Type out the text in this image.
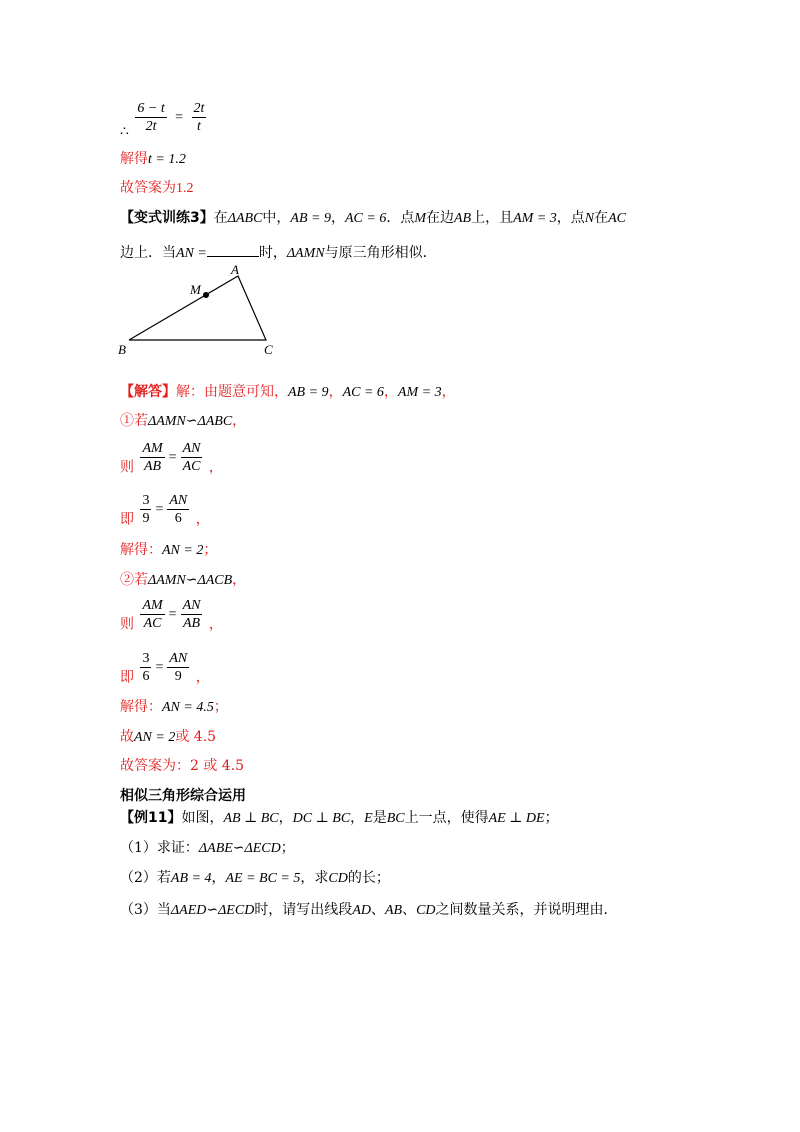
∴ $\frac{6 - t}{2t} = \frac{2t}{t}$
解得t = 1.2
故答案为1.2
【变式训练3】在ΔABC中，AB = 9，AC = 6．点M在边AB上，且AM = 3，点N在AC
边上．当AN =	时，ΔAMN与原三角形相似．
A
M
B	C
【解答】解：由题意可知，AB = 9，AC = 6，AM = 3，
①若ΔAMN∽ΔABC，
则 $\frac{AM}{AB} = \frac{AN}{AC}$ ，
即 $\frac{3}{9} = \frac{AN}{6}$ ，
解得：AN = 2；
②若ΔAMN∽ΔACB，
则 $\frac{AM}{AC} = \frac{AN}{AB}$ ，
即 $\frac{3}{6} = \frac{AN}{9}$ ，
解得：AN = 4.5；
故AN = 2或 4.5
故答案为：2 或 4.5
相似三角形综合运用
【例11】如图，AB ⊥ BC，DC ⊥ BC，E是BC上一点，使得AE ⊥ DE；
（1）求证：ΔABE∽ΔECD；
（2）若AB = 4，AE = BC = 5，求CD的长；
（3）当ΔAED∽ΔECD时，请写出线段AD、AB、CD之间数量关系，并说明理由．
